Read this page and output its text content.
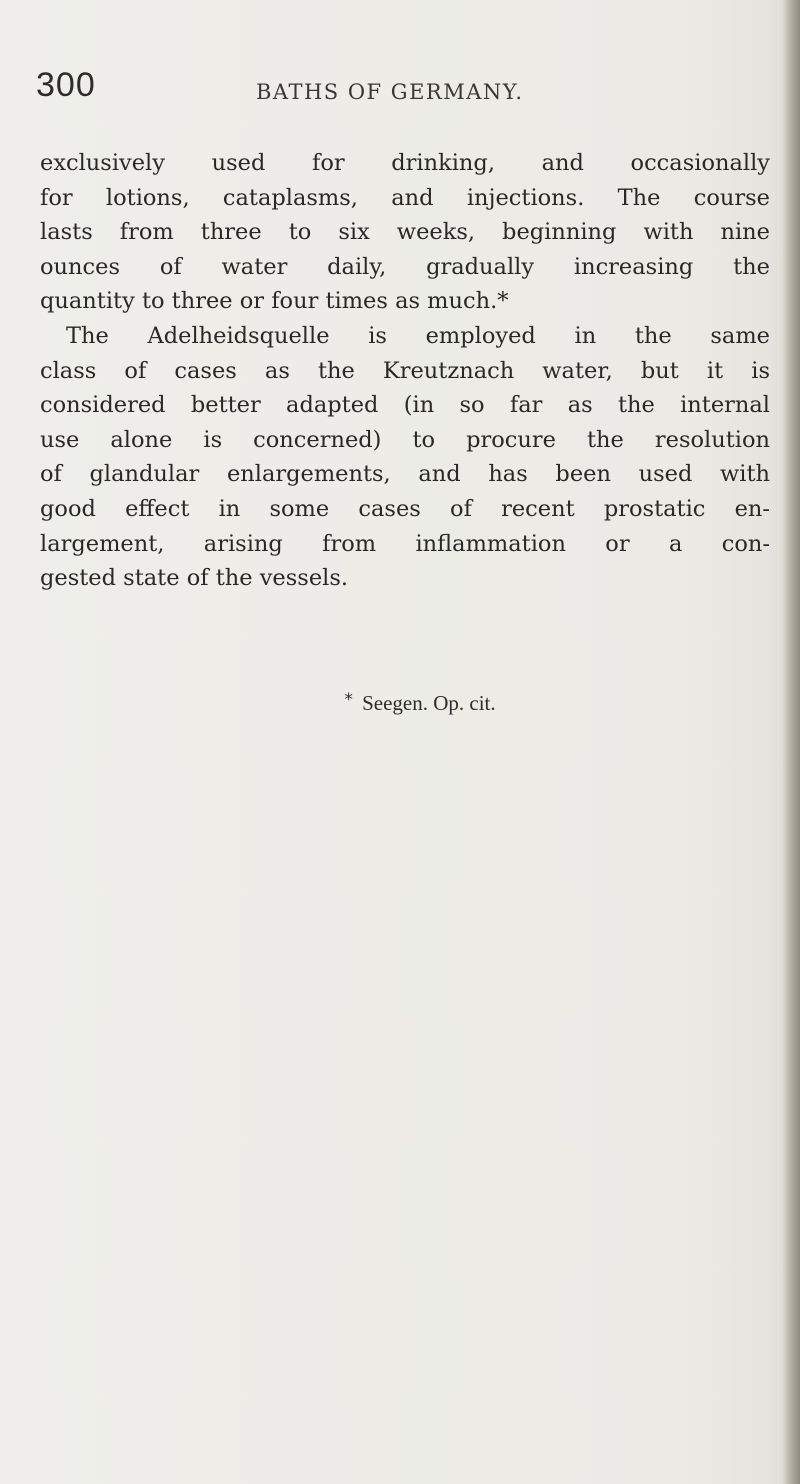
300	BATHS OF GERMANY.
exclusively used for drinking, and occasionally
for lotions, cataplasms, and injections. The course
lasts from three to six weeks, beginning with nine
ounces of water daily, gradually increasing the
quantity to three or four times as much.*
The Adelheidsquelle is employed in the same
class of cases as the Kreutznach water, but it is
considered better adapted (in so far as the internal
use alone is concerned) to procure the resolution
of glandular enlargements, and has been used with
good effect in some cases of recent prostatic en-
largement, arising from inflammation or a con-
gested state of the vessels.
* Seegen. Op. cit.
